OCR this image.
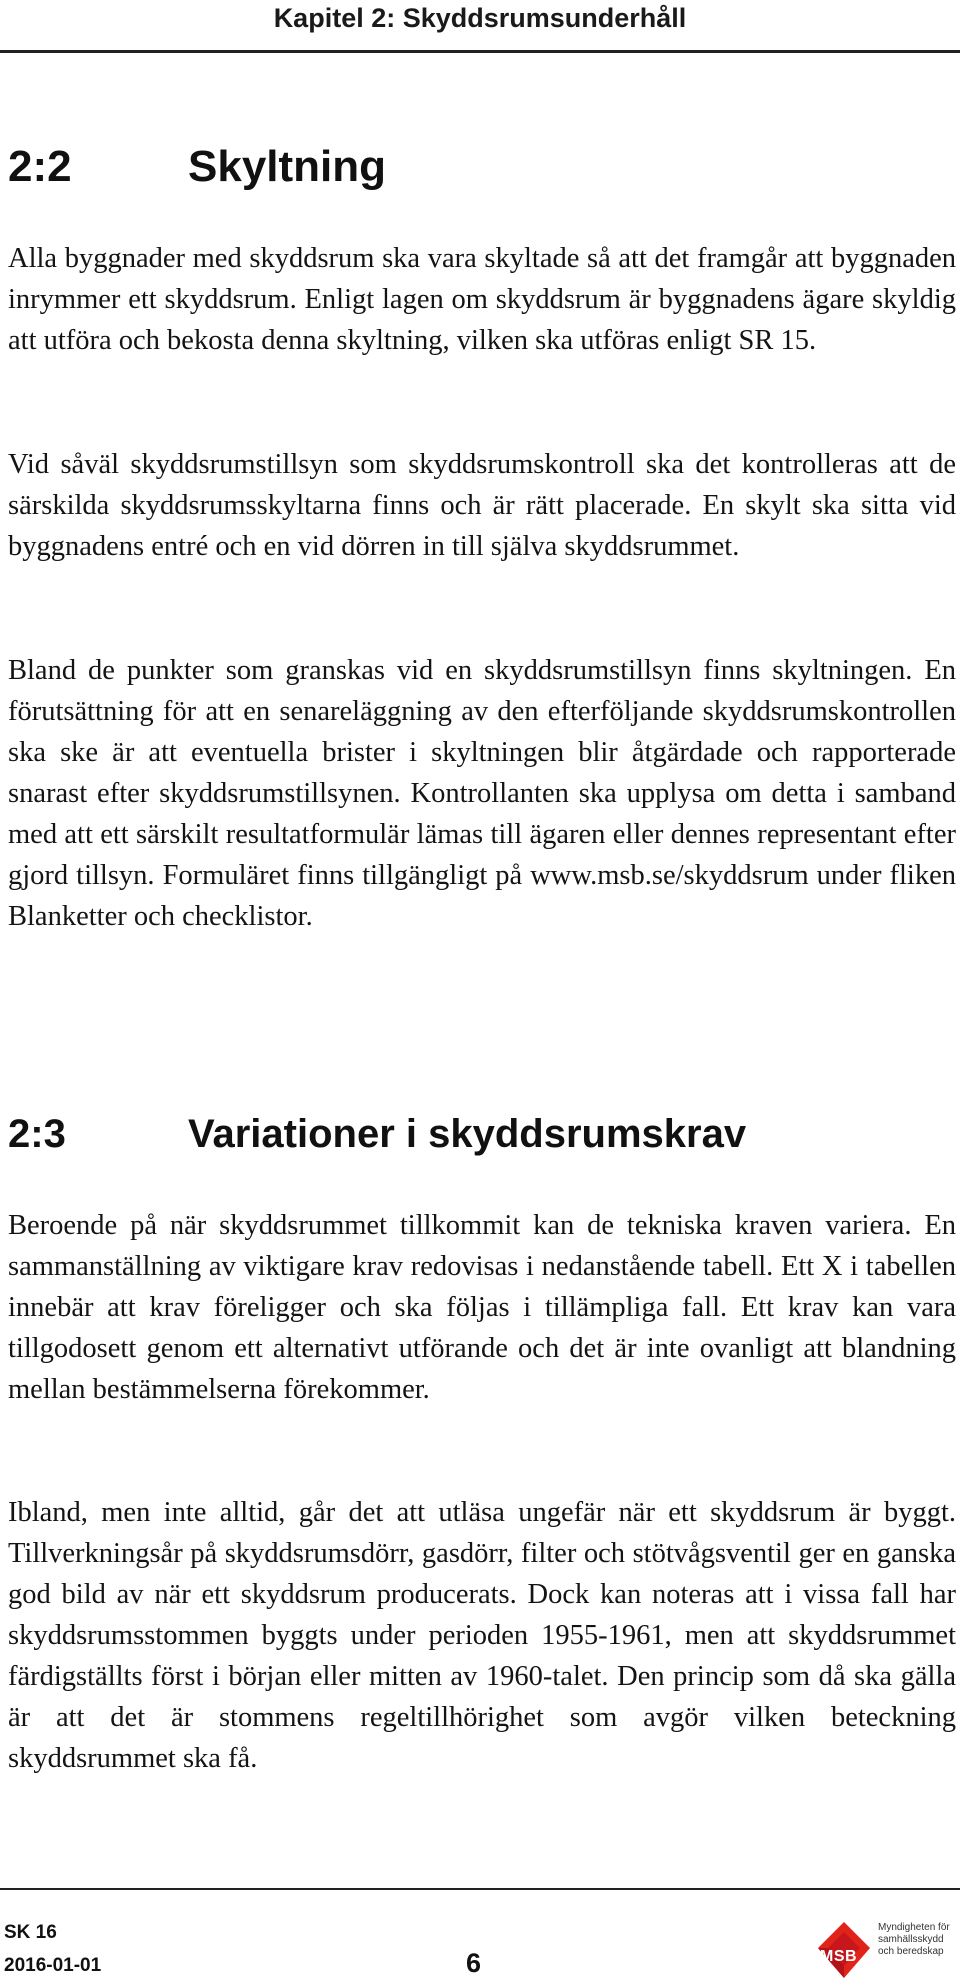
Kapitel 2: Skyddsrumsunderhåll
2:2	Skyltning

Alla byggnader med skyddsrum ska vara skyltade så att det framgår att byggnaden inrymmer ett skyddsrum. Enligt lagen om skyddsrum är byggnadens ägare skyldig att utföra och bekosta denna skyltning, vilken ska utföras enligt SR 15.

Vid såväl skyddsrumstillsyn som skyddsrumskontroll ska det kontrolleras att de särskilda skyddsrumsskyltarna finns och är rätt placerade. En skylt ska sitta vid byggnadens entré och en vid dörren in till själva skyddsrummet.

Bland de punkter som granskas vid en skyddsrumstillsyn finns skyltningen. En förutsättning för att en senareläggning av den efterföljande skyddsrumskontrollen ska ske är att eventuella brister i skyltningen blir åtgärdade och rapporterade snarast efter skyddsrumstillsynen. Kontrollanten ska upplysa om detta i samband med att ett särskilt resultatformulär lämas till ägaren eller dennes representant efter gjord tillsyn. Formuläret finns tillgängligt på www.msb.se/skyddsrum under fliken Blanketter och checklistor.

2:3	Variationer i skyddsrumskrav

Beroende på när skyddsrummet tillkommit kan de tekniska kraven variera. En sammanställning av viktigare krav redovisas i nedanstående tabell. Ett X i tabellen innebär att krav föreligger och ska följas i tillämpliga fall. Ett krav kan vara tillgodosett genom ett alternativt utförande och det är inte ovanligt att blandning mellan bestämmelserna förekommer.

Ibland, men inte alltid, går det att utläsa ungefär när ett skyddsrum är byggt. Tillverkningsår på skyddsrumsdörr, gasdörr, filter och stötvågsventil ger en ganska god bild av när ett skyddsrum producerats. Dock kan noteras att i vissa fall har skyddsrumsstommen byggts under perioden 1955-1961, men att skyddsrummet färdigställts först i början eller mitten av 1960-talet. Den princip som då ska gälla är att det är stommens regeltillhörighet som avgör vilken beteckning skyddsrummet ska få.

SK 16
2016-01-01	6	MSB
Myndigheten för samhällsskydd och beredskap
